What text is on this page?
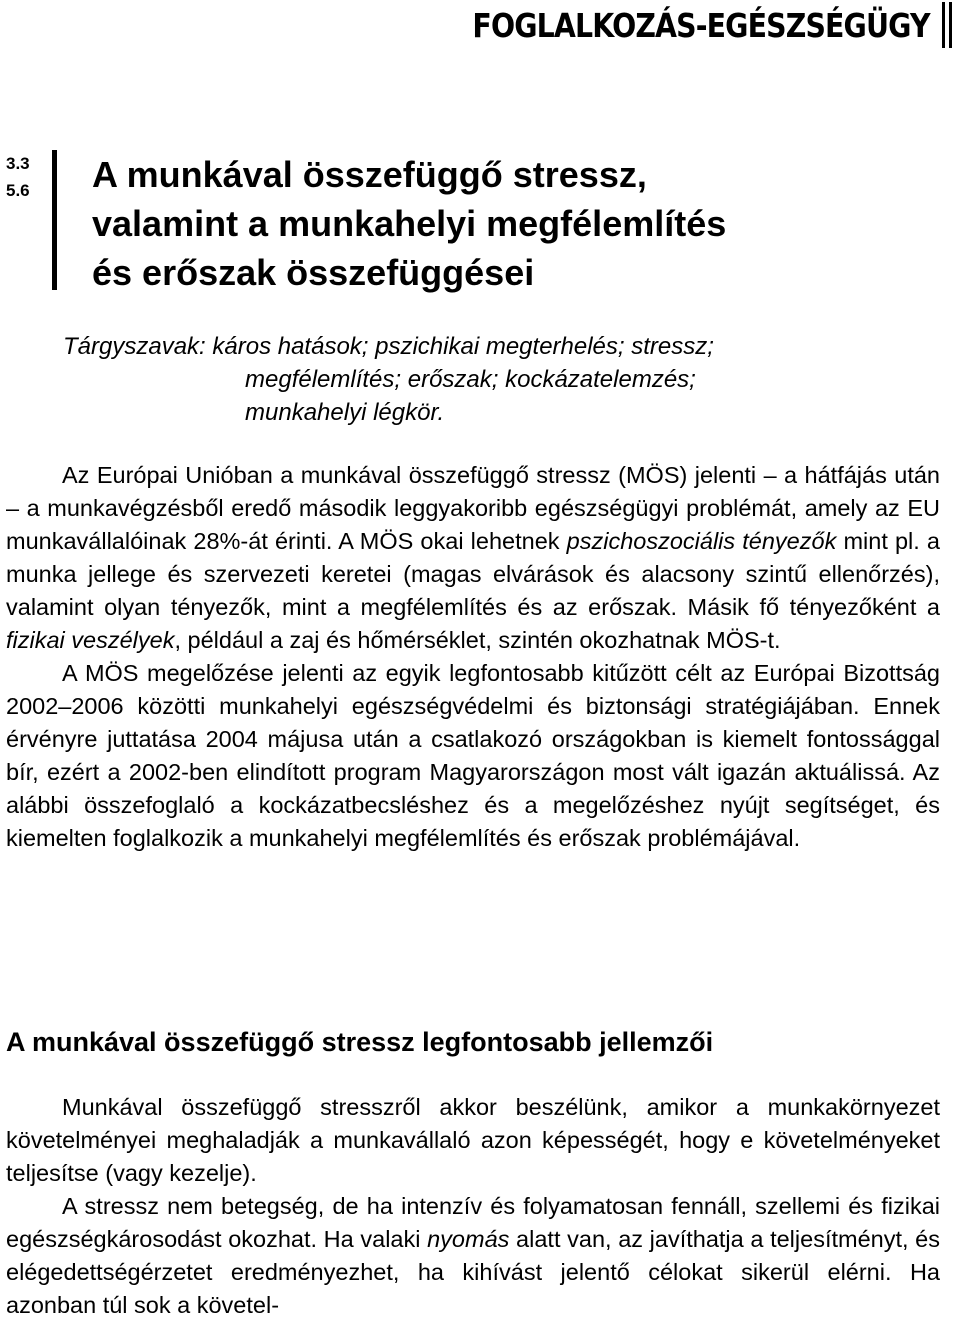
FOGLALKOZÁS-EGÉSZSÉGÜGY
3.3
5.6 A munkával összefüggő stressz,
valamint a munkahelyi megfélemlítés
és erőszak összefüggései
Tárgyszavak: káros hatások; pszichikai megterhelés; stressz;
megfélemlítés; erőszak; kockázatelemzés;
munkahelyi légkör.

Az Európai Unióban a munkával összefüggő stressz (MÖS) jelenti – a hátfájás után – a munkavégzésből eredő második leggyakoribb egészségügyi problémát, amely az EU munkavállalóinak 28%-át érinti. A MÖS okai lehetnek pszichoszociális tényezők mint pl. a munka jellege és szervezeti keretei (magas elvárások és alacsony szintű ellenőrzés), valamint olyan tényezők, mint a megfélemlítés és az erőszak. Másik fő tényezőként a fizikai veszélyek, például a zaj és hőmérséklet, szintén okozhatnak MÖS-t.

A MÖS megelőzése jelenti az egyik legfontosabb kitűzött célt az Európai Bizottság 2002–2006 közötti munkahelyi egészségvédelmi és biztonsági stratégiájában. Ennek érvényre juttatása 2004 májusa után a csatlakozó országokban is kiemelt fontossággal bír, ezért a 2002-ben elindított program Magyarországon most vált igazán aktuálissá. Az alábbi összefoglaló a kockázatbecsléshez és a megelőzéshez nyújt segítséget, és kiemelten foglalkozik a munkahelyi megfélemlítés és erőszak problémájával.

A munkával összefüggő stressz legfontosabb jellemzői

Munkával összefüggő stresszről akkor beszélünk, amikor a munkakörnyezet követelményei meghaladják a munkavállaló azon képességét, hogy e követelményeket teljesítse (vagy kezelje).

A stressz nem betegség, de ha intenzív és folyamatosan fennáll, szellemi és fizikai egészségkárosodást okozhat. Ha valaki nyomás alatt van, az javíthatja a teljesítményt, és elégedettségérzetet eredményezhet, ha kihívást jelentő célokat sikerül elérni. Ha azonban túl sok a követel-
